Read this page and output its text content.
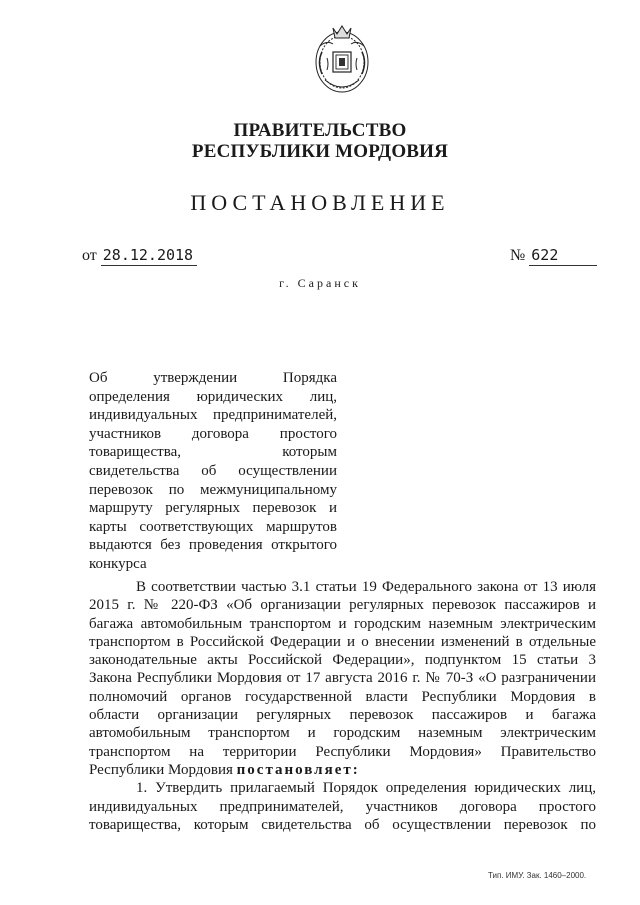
ПРАВИТЕЛЬСТВО
РЕСПУБЛИКИ МОРДОВИЯ
ПОСТАНОВЛЕНИЕ
от 28.12.2018	№ 622
г. Саранск
Об утверждении Порядка
определения юридических лиц,
индивидуальных предпринимателей,
участников договора простого
товарищества, которым
свидетельства об осуществлении
перевозок по межмуниципальному
маршруту регулярных перевозок и
карты соответствующих маршрутов
выдаются без проведения открытого
конкурса
В соответствии частью 3.1 статьи 19 Федерального закона от 13 июля
2015 г. № 220-ФЗ «Об организации регулярных перевозок пассажиров и
багажа автомобильным транспортом и городским наземным электрическим
транспортом в Российской Федерации и о внесении изменений в отдельные
законодательные акты Российской Федерации», подпунктом 15 статьи 3
Закона Республики Мордовия от 17 августа 2016 г. № 70-З «О разграничении
полномочий органов государственной власти Республики Мордовия в
области организации регулярных перевозок пассажиров и багажа
автомобильным транспортом и городским наземным электрическим
транспортом на территории Республики Мордовия» Правительство
Республики Мордовия постановляет:
1. Утвердить прилагаемый Порядок определения юридических лиц,
индивидуальных предпринимателей, участников договора простого
товарищества, которым свидетельства об осуществлении перевозок по
Тип. ИМУ. Зак. 1460–2000.
